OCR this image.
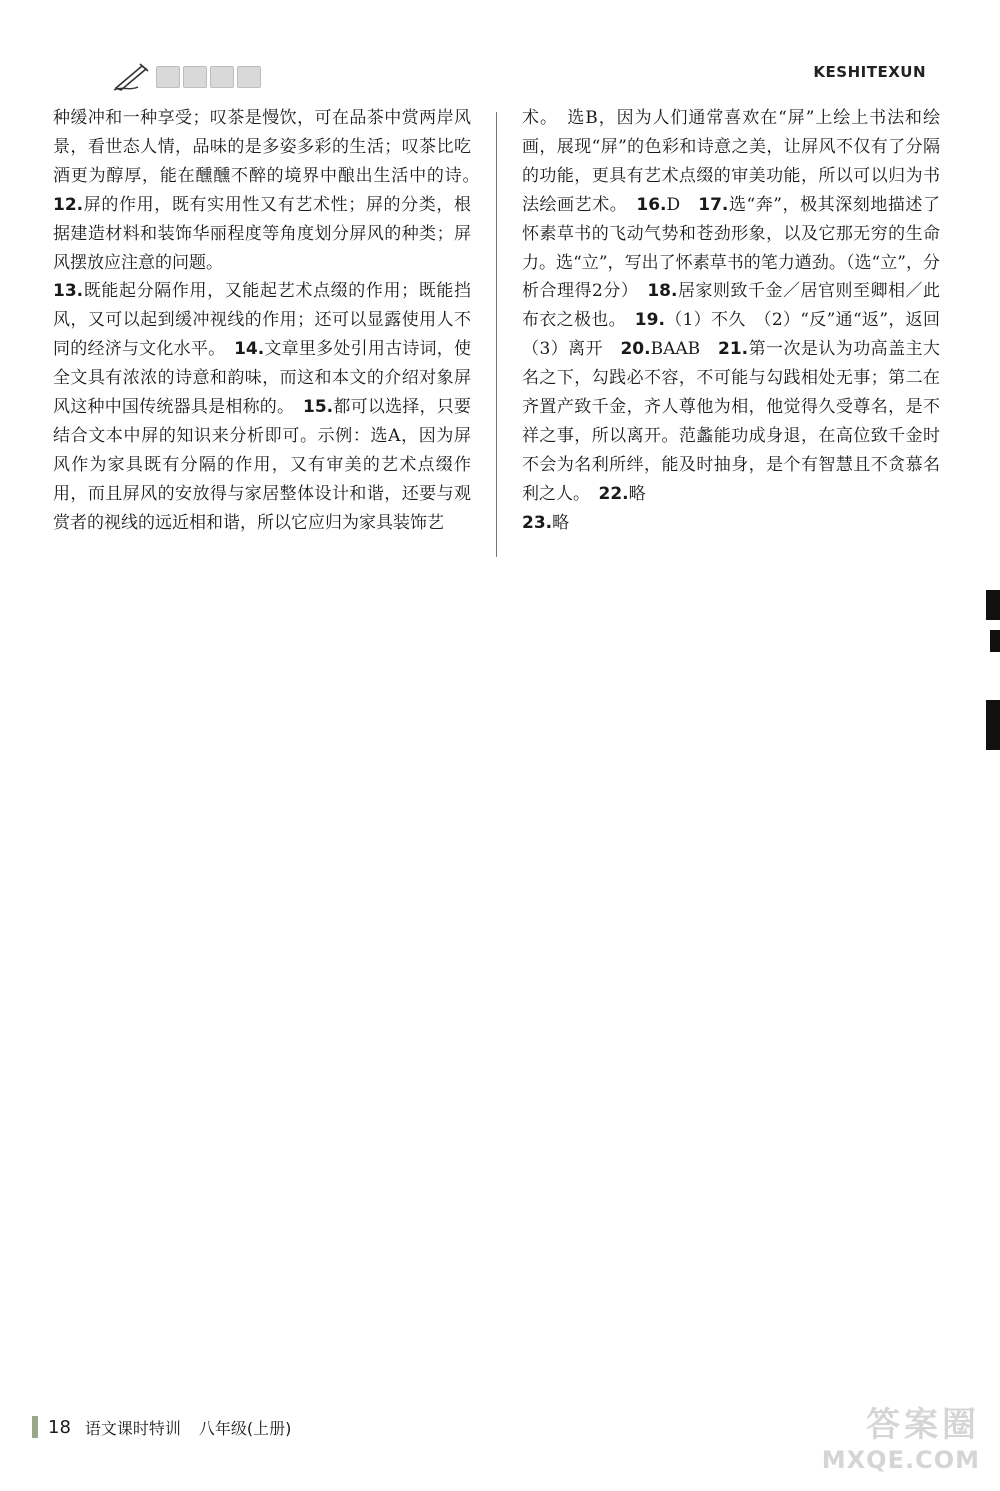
KESHITEXUN

种缓冲和一种享受；叹茶是慢饮，可在品茶中赏两岸风景，看世态人情，品味的是多姿多彩的生活；叹茶比吃酒更为醇厚，能在醺醺不醉的境界中酿出生活中的诗。　12.屏的作用，既有实用性又有艺术性；屏的分类，根据建造材料和装饰华丽程度等角度划分屏风的种类；屏风摆放应注意的问题。

13.既能起分隔作用，又能起艺术点缀的作用；既能挡风，又可以起到缓冲视线的作用；还可以显露使用人不同的经济与文化水平。　14.文章里多处引用古诗词，使全文具有浓浓的诗意和韵味，而这和本文的介绍对象屏风这种中国传统器具是相称的。　15.都可以选择，只要结合文本中屏的知识来分析即可。示例：选A，因为屏风作为家具既有分隔的作用，又有审美的艺术点缀作用，而且屏风的安放得与家居整体设计和谐，还要与观赏者的视线的远近相和谐，所以它应归为家具装饰艺

术。　选B，因为人们通常喜欢在“屏”上绘上书法和绘画，展现“屏”的色彩和诗意之美，让屏风不仅有了分隔的功能，更具有艺术点缀的审美功能，所以可以归为书法绘画艺术。　16.D　17.选“奔”，极其深刻地描述了怀素草书的飞动气势和苍劲形象，以及它那无穷的生命力。选“立”，写出了怀素草书的笔力遒劲。（选“立”，分析合理得2分）　18.居家则致千金／居官则至卿相／此布衣之极也。　19.（1）不久　（2）“反”通“返”，返回　（3）离开　20.BAAB　21.第一次是认为功高盖主大名之下，勾践必不容，不可能与勾践相处无事；第二在齐置产致千金，齐人尊他为相，他觉得久受尊名，是不祥之事，所以离开。范蠡能功成身退，在高位致千金时不会为名利所绊，能及时抽身，是个有智慧且不贪慕名利之人。　22.略

23.略

18 语文课时特训 八年级(上册)	答案圈
MXQE.COM
